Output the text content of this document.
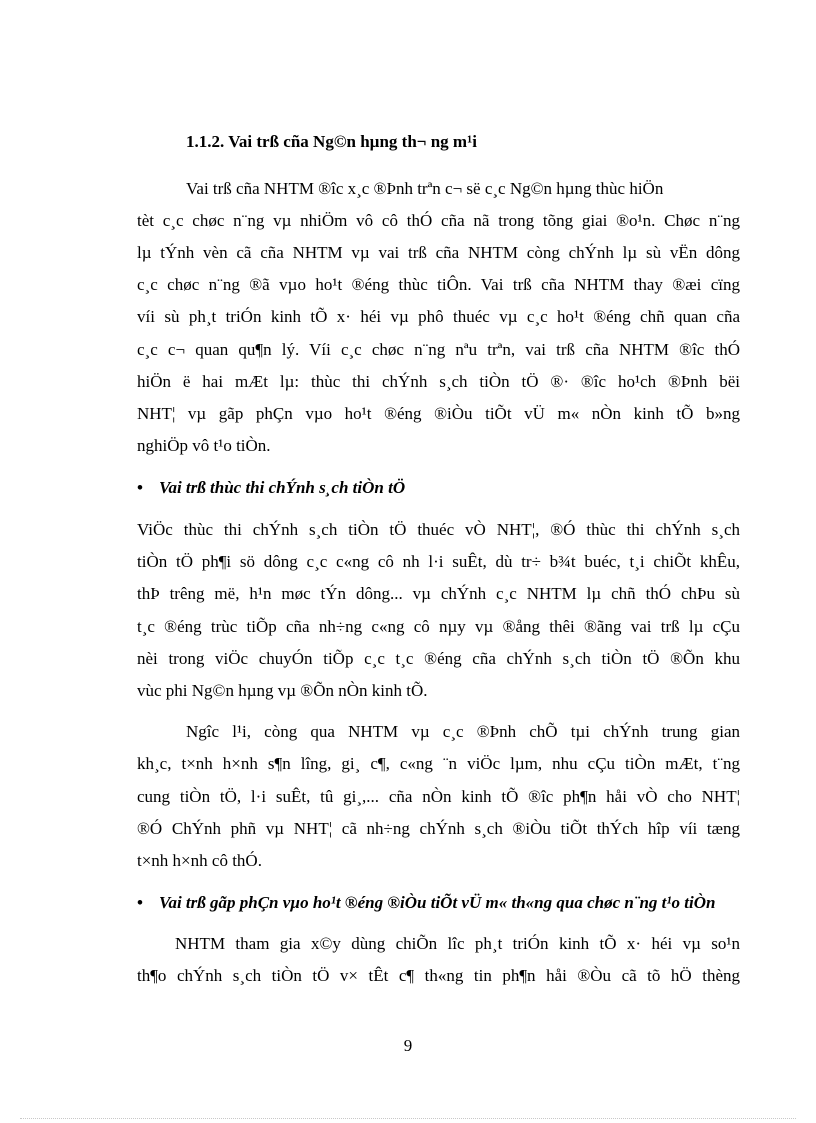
1.1.2. Vai trß cña Ng©n hµng th¬ ng m¹i
Vai trß cña NHTM ®îc x¸c ®Þnh trªn c¬ së c¸c Ng©n hµng thùc hiÖn
tèt c¸c chøc n¨ng vµ nhiÖm vô cô thÓ cña nã trong tõng giai ®o¹n. Chøc n¨ng
lµ tÝnh vèn cã cña NHTM vµ vai trß cña NHTM còng chÝnh lµ sù vËn dông
c¸c chøc n¨ng ®ã vµo ho¹t ®éng thùc tiÔn. Vai trß cña NHTM thay ®æi cïng
víi sù ph¸t triÓn kinh tÕ x· héi vµ phô thuéc vµ c¸c ho¹t ®éng chñ quan cña
c¸c c¬ quan qu¶n lý. Víi c¸c chøc n¨ng nªu trªn, vai trß cña NHTM ®îc thÓ
hiÖn ë hai mÆt lµ: thùc thi chÝnh s¸ch tiÒn tÖ ®· ®îc ho¹ch ®Þnh bëi
NHT¦ vµ gãp phÇn vµo ho¹t ®éng ®iÒu tiÕt vÜ m« nÒn kinh tÕ b»ng
nghiÖp vô t¹o tiÒn.
• Vai trß thùc thi chÝnh s¸ch tiÒn tÖ
ViÖc thùc thi chÝnh s¸ch tiÒn tÖ thuéc vÒ NHT¦, ®Ó thùc thi chÝnh s¸ch
tiÒn tÖ ph¶i sö dông c¸c c«ng cô nh l·i suÊt, dù tr÷ b¾t buéc, t¸i chiÕt khÊu,
thÞ trêng më, h¹n møc tÝn dông... vµ chÝnh c¸c NHTM lµ chñ thÓ chÞu sù
t¸c ®éng trùc tiÕp cña nh÷ng c«ng cô nµy vµ ®ång thêi ®ãng vai trß lµ cÇu
nèi trong viÖc chuyÓn tiÕp c¸c t¸c ®éng cña chÝnh s¸ch tiÒn tÖ ®Õn khu
vùc phi Ng©n hµng vµ ®Õn nÒn kinh tÕ.
Ngîc l¹i, còng qua NHTM vµ c¸c ®Þnh chÕ tµi chÝnh trung gian
kh¸c, t×nh h×nh s¶n lîng, gi¸ c¶, c«ng ¨n viÖc lµm, nhu cÇu tiÒn mÆt, t¨ng
cung tiÒn tÖ, l·i suÊt, tû gi¸,... cña nÒn kinh tÕ ®îc ph¶n håi vÒ cho NHT¦
®Ó ChÝnh phñ vµ NHT¦ cã nh÷ng chÝnh s¸ch ®iÒu tiÕt thÝch hîp víi tæng
t×nh h×nh cô thÓ.
• Vai trß gãp phÇn vµo ho¹t ®éng ®iÒu tiÕt vÜ m« th«ng qua chøc n¨ng t¹o tiÒn
NHTM tham gia x©y dùng chiÕn lîc ph¸t triÓn kinh tÕ x· héi vµ so¹n
th¶o chÝnh s¸ch tiÒn tÖ v× tÊt c¶ th«ng tin ph¶n håi ®Òu cã tõ hÖ thèng
9
